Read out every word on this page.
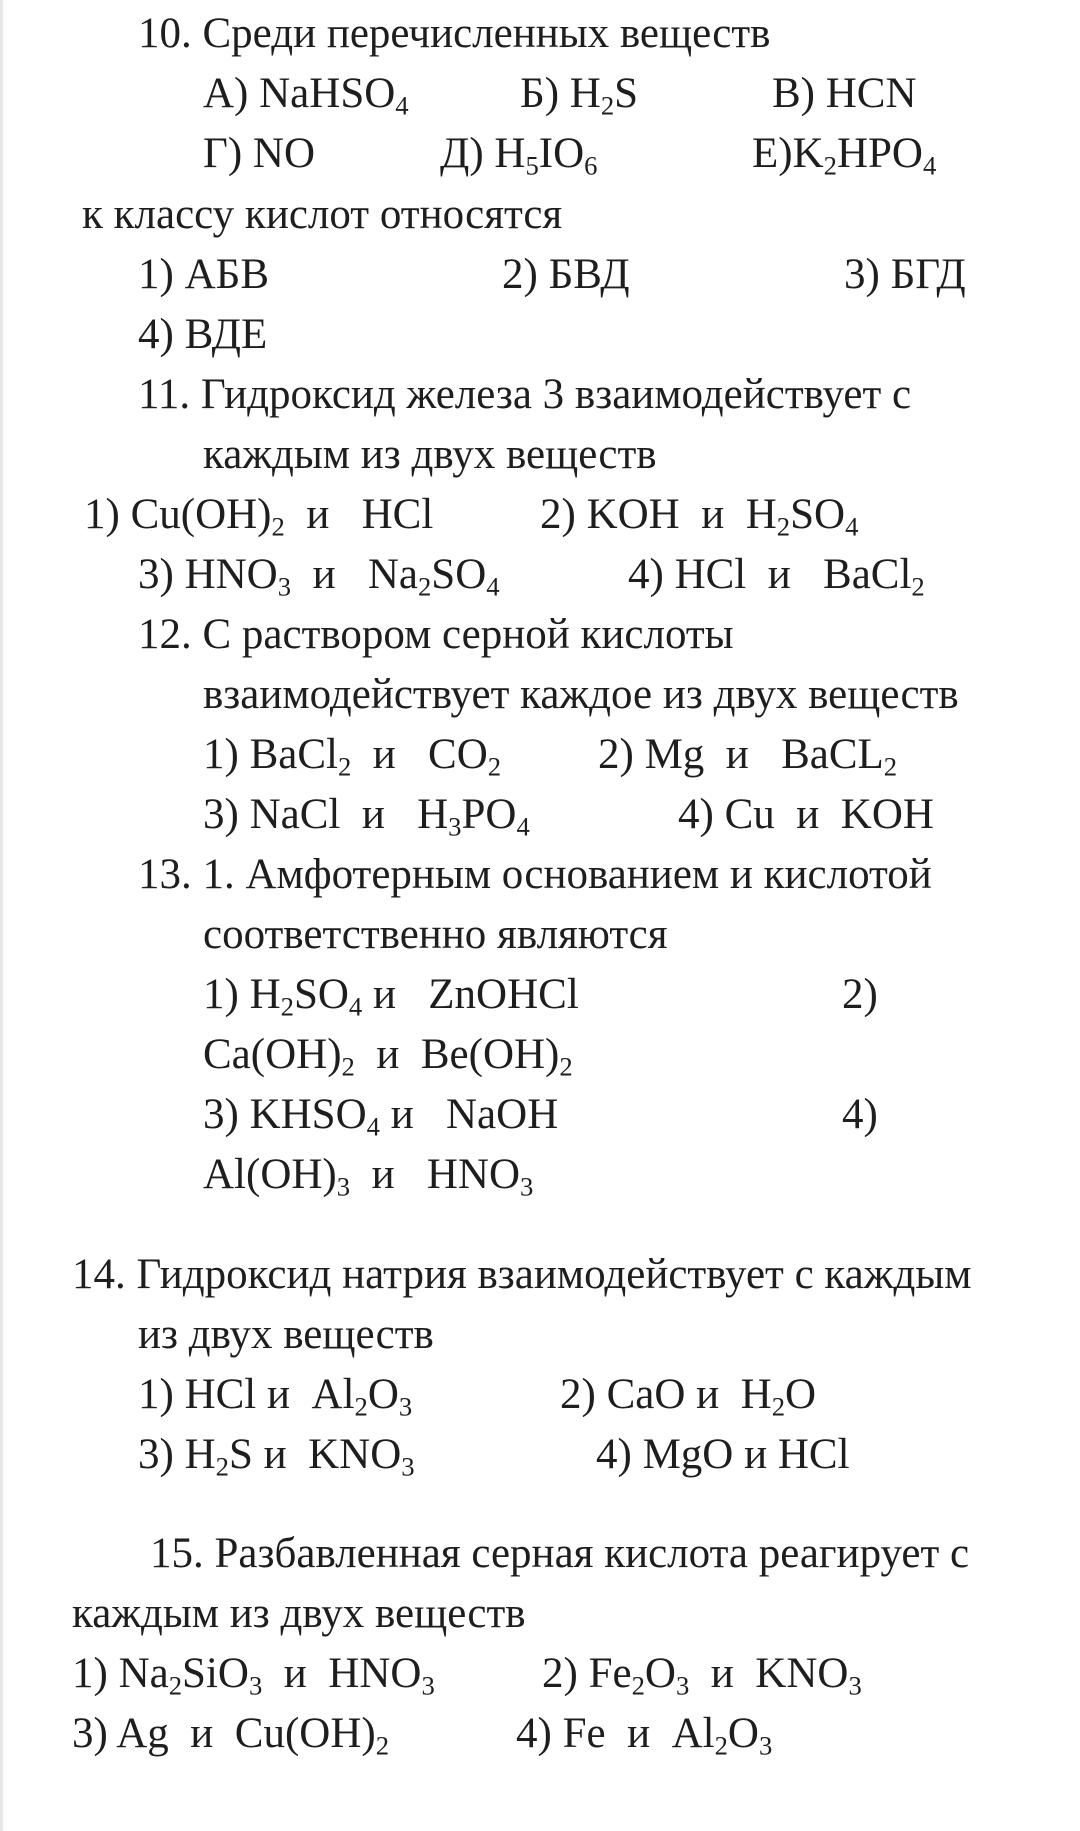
10. Среди перечисленных веществ
А) NaHSO$_4$	Б) $H_2S$	В) HCN
Г) NO	Д) $H_5IO_6$	$Е)K_2HPO_4$
к классу кислот относятся
1) АБВ	2) БВД	3) БГД
4) ВДЕ
11. Гидроксид железа 3 взаимодействует с
каждым из двух веществ
1) $Cu(OH)_2$  и   HCl 2) KOH  и  $H_2SO_4$
3) $HNO_3$  и   $Na_2SO_4$	4) HCl  и   BaCl$_2$
12. С раствором серной кислоты
взаимодействует каждое из двух веществ
1) BaCl$_2$  и   $CO_2$ 2) Mg  и   BaCL$_2$
3) NaCl  и   $H_3PO_4$	4) Cu  и  KOH
13. 1. Амфотерным основанием и кислотой
соответственно являются
1) $H_2SO_4$ и   ZnOHCl	2)
$Ca(OH)_2$  и  $Be(OH)_2$
3) $KHSO_4$ и   NaOH	4)
$Al(OH)_3$  и   $HNO_3$
14. Гидроксид натрия взаимодействует с каждым
из двух веществ
1) HCl и  $Al_2O_3$	2) CaO и  $H_2O$
3) $H_2S$ и  $KNO_3$	4) MgO и HCl
15. Разбавленная серная кислота реагирует с
каждым из двух веществ
1) $Na_2SiO_3$  и  $HNO_3$ 2) $Fe_2O_3$  и  $KNO_3$
3) Ag  и  $Cu(OH)_2$	4) Fe  и  $Al_2O_3$
